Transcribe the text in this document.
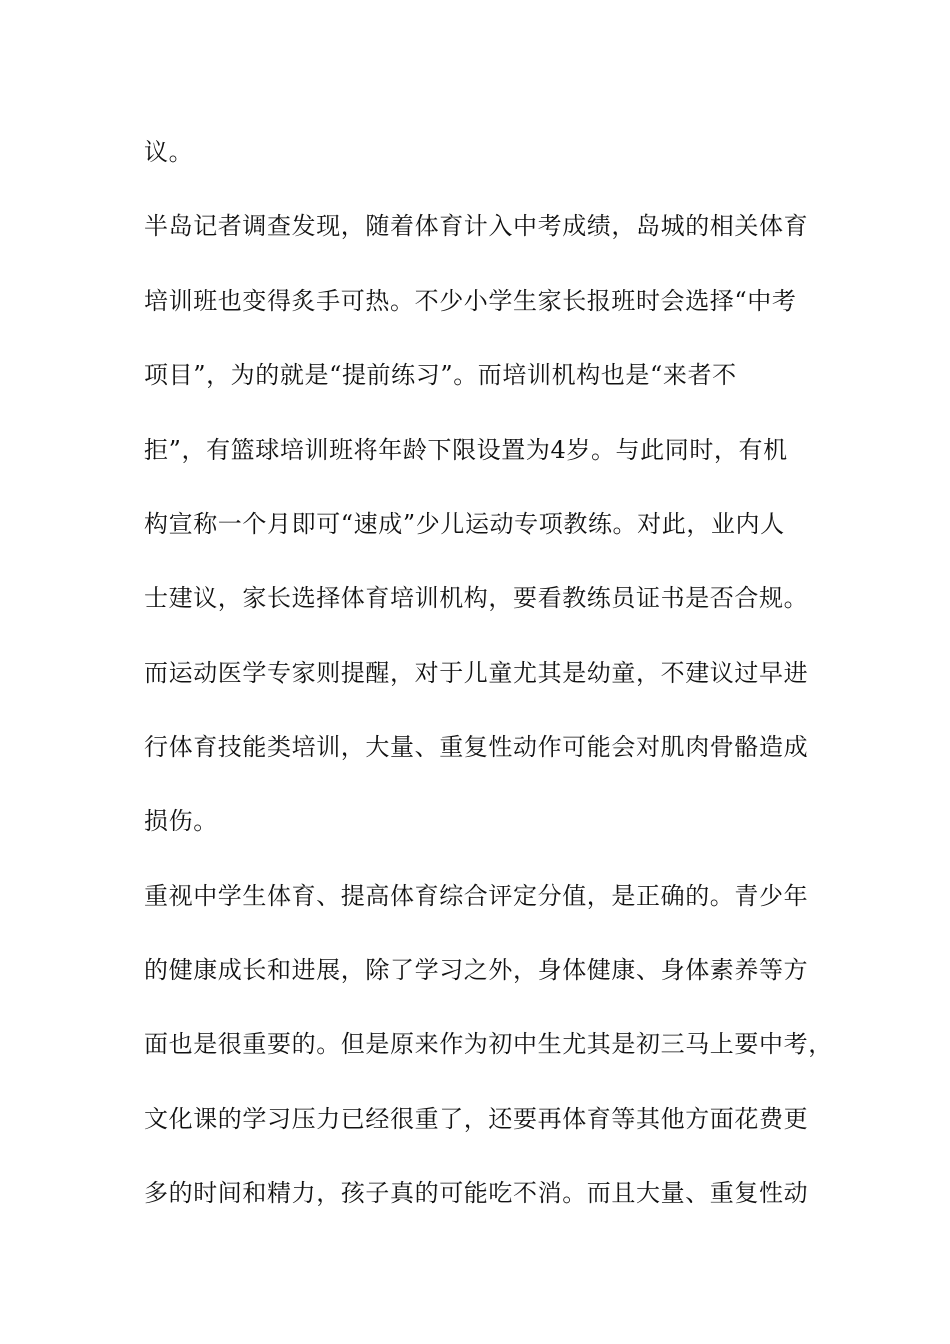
议。

半岛记者调查发现，随着体育计入中考成绩，岛城的相关体育

培训班也变得炙手可热。不少小学生家长报班时会选择“中考

项目”，为的就是“提前练习”。而培训机构也是“来者不

拒”，有篮球培训班将年龄下限设置为4岁。与此同时，有机

构宣称一个月即可“速成”少儿运动专项教练。对此，业内人

士建议，家长选择体育培训机构，要看教练员证书是否合规。

而运动医学专家则提醒，对于儿童尤其是幼童，不建议过早进

行体育技能类培训，大量、重复性动作可能会对肌肉骨骼造成

损伤。

重视中学生体育、提高体育综合评定分值，是正确的。青少年

的健康成长和进展，除了学习之外，身体健康、身体素养等方

面也是很重要的。但是原来作为初中生尤其是初三马上要中考，

文化课的学习压力已经很重了，还要再体育等其他方面花费更

多的时间和精力，孩子真的可能吃不消。而且大量、重复性动
